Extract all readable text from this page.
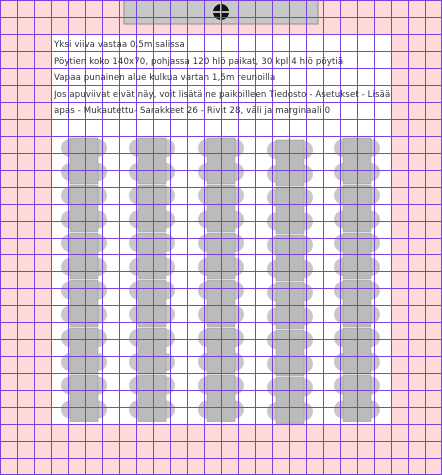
Yksi viiva vastaa 0,5m salissa
Pöytien koko 140x70, pohjassa 120 hlö paikat, 30 kpl 4 hlö pöytiä
Vapaa punainen alue kulkua vartan 1,5m reunoilla
Jos apuviivat eivät näy, voit lisätä ne paikoilleen Tiedosto - Asetukset - Lisää apas - Mukautettu- Sarakkeet 26 - Rivit 28, väli ja marginaali 0
